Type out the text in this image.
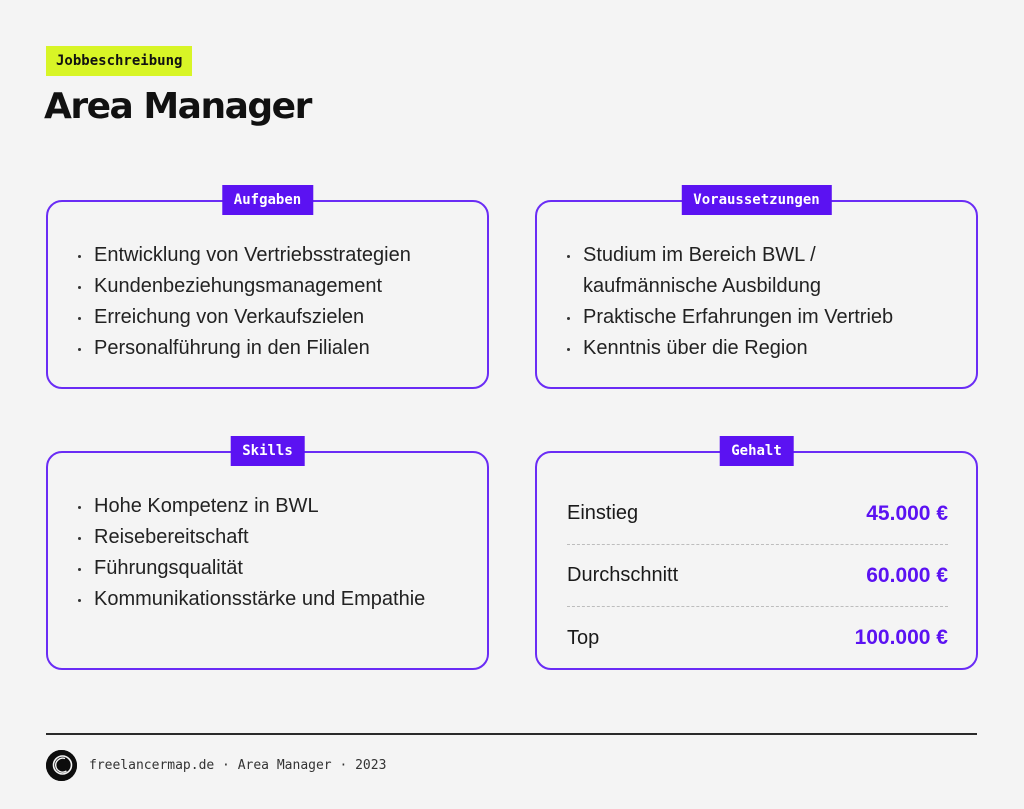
Jobbeschreibung
Area Manager
Aufgaben
Entwicklung von Vertriebsstrategien
Kundenbeziehungsmanagement
Erreichung von Verkaufszielen
Personalführung in den Filialen
Voraussetzungen
Studium im Bereich BWL / kaufmännische Ausbildung
Praktische Erfahrungen im Vertrieb
Kenntnis über die Region
Skills
Hohe Kompetenz in BWL
Reisebereitschaft
Führungsqualität
Kommunikationsstärke und Empathie
Gehalt
Einstieg	45.000 €
Durchschnitt	60.000 €
Top	100.000 €
freelancermap.de · Area Manager · 2023
